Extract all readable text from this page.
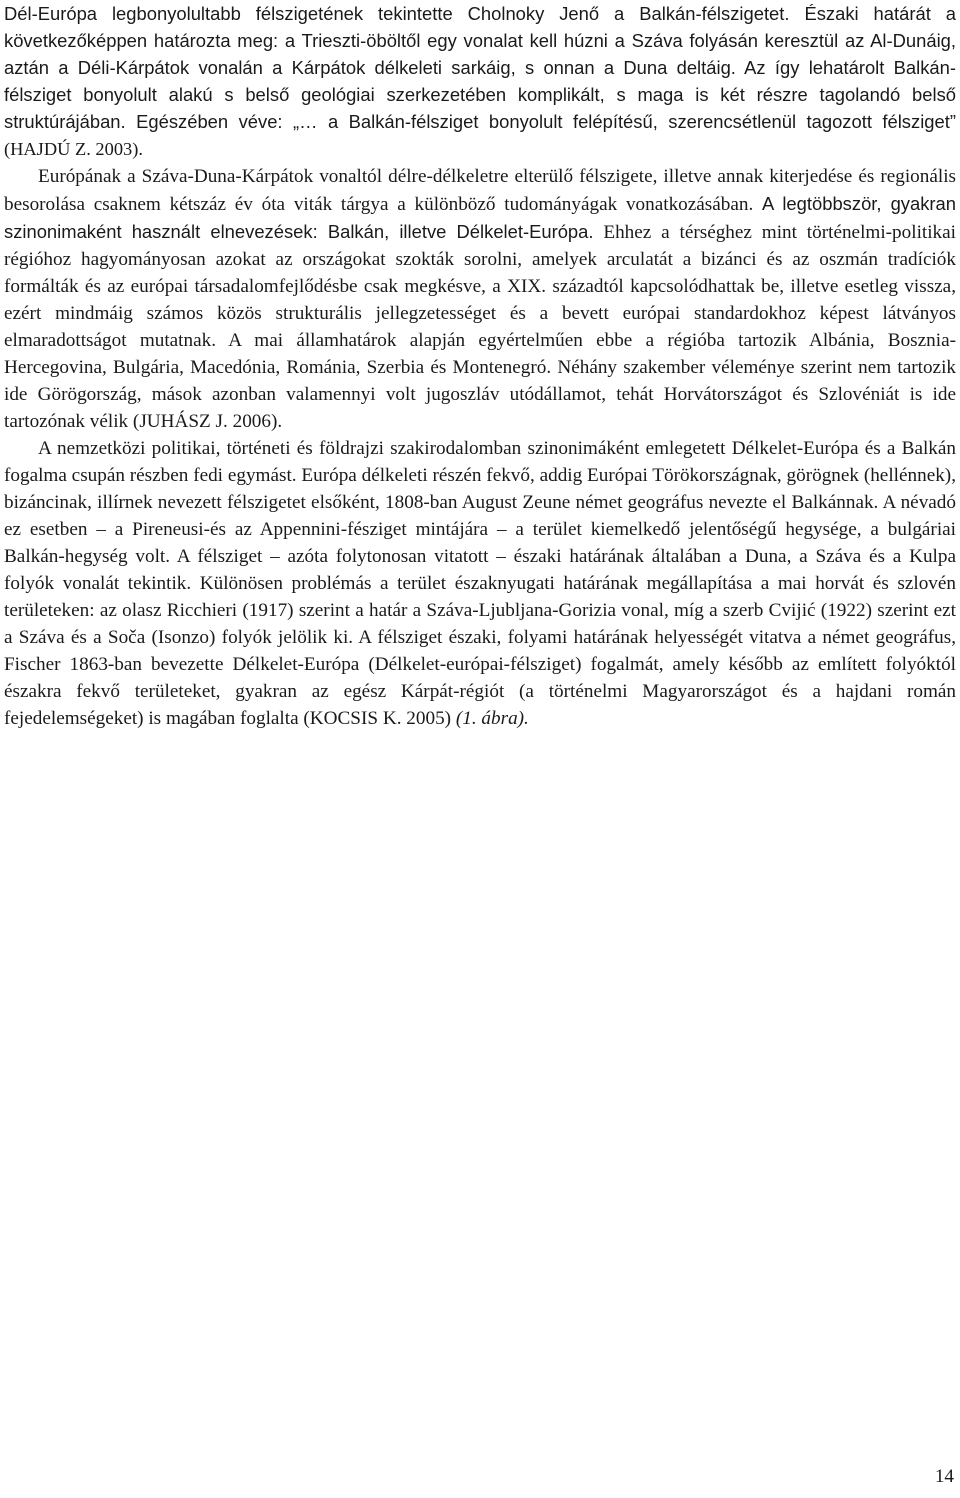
Dél-Európa legbonyolultabb félszigetének tekintette Cholnoky Jenő a Balkán-félszigetet. Északi határát a következőképpen határozta meg: a Trieszti-öböltől egy vonalat kell húzni a Száva folyásán keresztül az Al-Dunáig, aztán a Déli-Kárpátok vonalán a Kárpátok délkeleti sarkáig, s onnan a Duna deltáig. Az így lehatárolt Balkán-félsziget bonyolult alakú s belső geológiai szerkezetében komplikált, s maga is két részre tagolandó belső struktúrájában. Egészében véve: „… a Balkán-félsziget bonyolult felépítésű, szerencsétlenül tagozott félsziget” (HAJDÚ Z. 2003).

Európának a Száva-Duna-Kárpátok vonaltól délre-délkeletre elterülő félszigete, illetve annak kiterjedése és regionális besorolása csaknem kétszáz év óta viták tárgya a különböző tudományágak vonatkozásában. A legtöbbször, gyakran szinonimaként használt elnevezések: Balkán, illetve Délkelet-Európa. Ehhez a térséghez mint történelmi-politikai régióhoz hagyományosan azokat az országokat szokták sorolni, amelyek arculatát a bizánci és az oszmán tradíciók formálták és az európai társadalomfejlődésbe csak megkésve, a XIX. századtól kapcsolódhattak be, illetve esetleg vissza, ezért mindmáig számos közös strukturális jellegzetességet és a bevett európai standardokhoz képest látványos elmaradottságot mutatnak. A mai államhatárok alapján egyértelműen ebbe a régióba tartozik Albánia, Bosznia-Hercegovina, Bulgária, Macedónia, Románia, Szerbia és Montenegró. Néhány szakember véleménye szerint nem tartozik ide Görögország, mások azonban valamennyi volt jugoszláv utódállamot, tehát Horvátországot és Szlovéniát is ide tartozónak vélik (JUHÁSZ J. 2006).

A nemzetközi politikai, történeti és földrajzi szakirodalomban szinonimáként emlegetett Délkelet-Európa és a Balkán fogalma csupán részben fedi egymást. Európa délkeleti részén fekvő, addig Európai Törökországnak, görögnek (hellénnek), bizáncinak, illírnek nevezett félszigetet elsőként, 1808-ban August Zeune német geográfus nevezte el Balkánnak. A névadó ez esetben – a Pireneusi-és az Appennini-fésziget mintájára – a terület kiemelkedő jelentőségű hegysége, a bulgáriai Balkán-hegység volt. A félsziget – azóta folytonosan vitatott – északi határának általában a Duna, a Száva és a Kulpa folyók vonalát tekintik. Különösen problémás a terület északnyugati határának megállapítása a mai horvát és szlovén területeken: az olasz Ricchieri (1917) szerint a határ a Száva-Ljubljana-Gorizia vonal, míg a szerb Cvijić (1922) szerint ezt a Száva és a Soča (Isonzo) folyók jelölik ki. A félsziget északi, folyami határának helyességét vitatva a német geográfus, Fischer 1863-ban bevezette Délkelet-Európa (Délkelet-európai-félsziget) fogalmát, amely később az említett folyóktól északra fekvő területeket, gyakran az egész Kárpát-régiót (a történelmi Magyarországot és a hajdani román fejedelemségeket) is magában foglalta (KOCSIS K. 2005) (1. ábra).

14
